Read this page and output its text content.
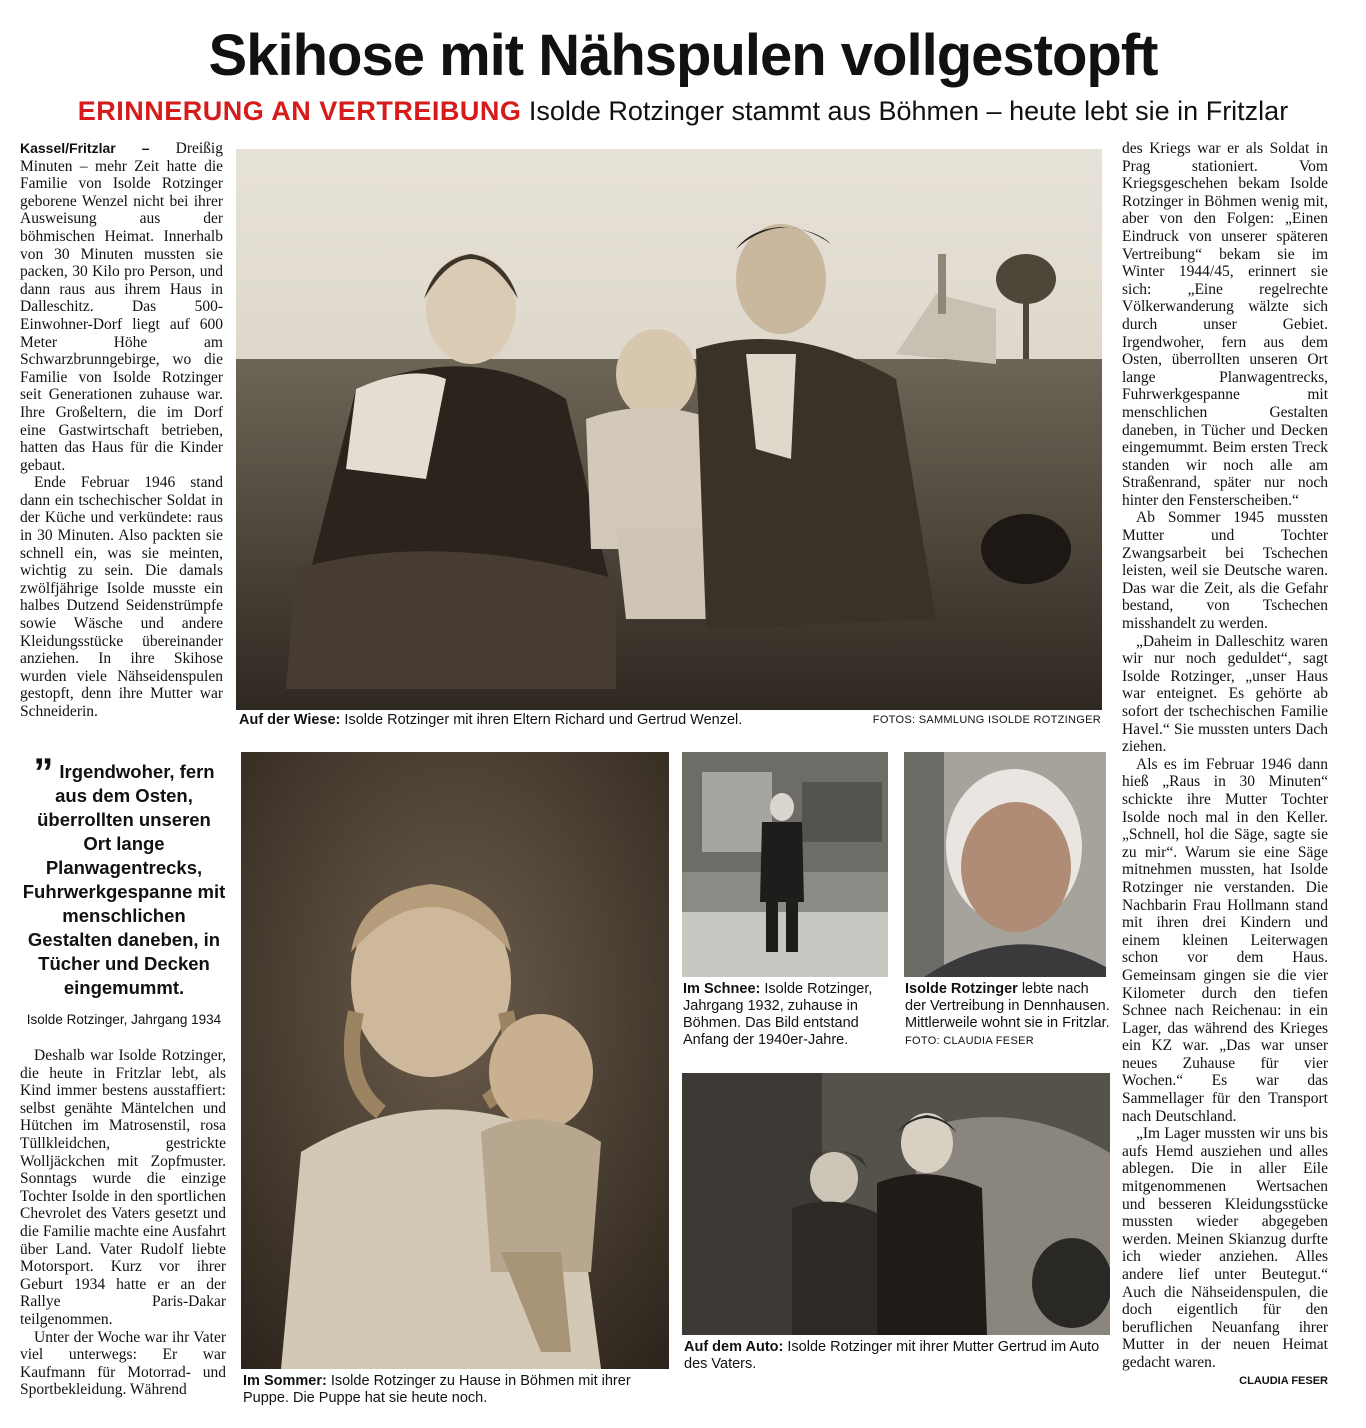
Skihose mit Nähspulen vollgestopft
ERINNERUNG AN VERTREIBUNG Isolde Rotzinger stammt aus Böhmen – heute lebt sie in Fritzlar

Kassel/Fritzlar – Dreißig Minuten – mehr Zeit hatte die Familie von Isolde Rotzinger geborene Wenzel nicht bei ihrer Ausweisung aus der böhmischen Heimat. Innerhalb von 30 Minuten mussten sie packen, 30 Kilo pro Person, und dann raus aus ihrem Haus in Dalleschitz. Das 500-Einwohner-Dorf liegt auf 600 Meter Höhe am Schwarzbrunngebirge, wo die Familie von Isolde Rotzinger seit Generationen zuhause war. Ihre Großeltern, die im Dorf eine Gastwirtschaft betrieben, hatten das Haus für die Kinder gebaut.

Ende Februar 1946 stand dann ein tschechischer Soldat in der Küche und verkündete: raus in 30 Minuten. Also packten sie schnell ein, was sie meinten, wichtig zu sein. Die damals zwölfjährige Isolde musste ein halbes Dutzend Seidenstrümpfe sowie Wäsche und andere Kleidungsstücke übereinander anziehen. In ihre Skihose wurden viele Nähseidenspulen gestopft, denn ihre Mutter war Schneiderin.	Auf der Wiese: Isolde Rotzinger mit ihren Eltern Richard und Gertrud Wenzel.	FOTOS: SAMMLUNG ISOLDE ROTZINGER

des Kriegs war er als Soldat in Prag stationiert. Vom Kriegsgeschehen bekam Isolde Rotzinger in Böhmen wenig mit, aber von den Folgen: „Einen Eindruck von unserer späteren Vertreibung“ bekam sie im Winter 1944/45, erinnert sie sich: „Eine regelrechte Völkerwanderung wälzte sich durch unser Gebiet. Irgendwoher, fern aus dem Osten, überrollten unseren Ort lange Planwagentrecks, Fuhrwerkgespanne mit menschlichen Gestalten daneben, in Tücher und Decken eingemummt. Beim ersten Treck standen wir noch alle am Straßenrand, später nur noch hinter den Fensterscheiben.“

Ab Sommer 1945 mussten Mutter und Tochter Zwangsarbeit bei Tschechen leisten, weil sie Deutsche waren. Das war die Zeit, als die Gefahr bestand, von Tschechen misshandelt zu werden.

„Daheim in Dalleschitz waren wir nur noch geduldet“, sagt Isolde Rotzinger, „unser Haus war enteignet. Es gehörte ab sofort der tschechischen Familie Havel.“ Sie mussten unters Dach ziehen.

Als es im Februar 1946 dann hieß „Raus in 30 Minuten“ schickte ihre Mutter Tochter Isolde noch mal in den Keller. „Schnell, hol die Säge, sagte sie zu mir“. Warum sie eine Säge mitnehmen mussten, hat Isolde Rotzinger nie verstanden. Die Nachbarin Frau Hollmann stand mit ihren drei Kindern und einem kleinen Leiterwagen schon vor dem Haus. Gemeinsam gingen sie die vier Kilometer durch den tiefen Schnee nach Reichenau: in ein Lager, das während des Krieges ein KZ war. „Das war unser neues Zuhause für vier Wochen.“ Es war das Sammellager für den Transport nach Deutschland.

„Im Lager mussten wir uns bis aufs Hemd ausziehen und alles ablegen. Die in aller Eile mitgenommenen Wertsachen und besseren Kleidungsstücke mussten wieder abgegeben werden. Meinen Skianzug durfte ich wieder anziehen. Alles andere lief unter Beutegut.“ Auch die Nähseidenspulen, die doch eigentlich für den beruflichen Neuanfang ihrer Mutter in der neuen Heimat gedacht waren.

CLAUDIA FESER
” Irgendwoher, fern aus dem Osten, überrollten unseren Ort lange Planwagentrecks, Fuhrwerkgespanne mit menschlichen Gestalten daneben, in Tücher und Decken eingemummt.
Isolde Rotzinger, Jahrgang 1934

Deshalb war Isolde Rotzinger, die heute in Fritzlar lebt, als Kind immer bestens ausstaffiert: selbst genähte Mäntelchen und Hütchen im Matrosenstil, rosa Tüllkleidchen, gestrickte Wolljäckchen mit Zopfmuster. Sonntags wurde die einzige Tochter Isolde in den sportlichen Chevrolet des Vaters gesetzt und die Familie machte eine Ausfahrt über Land. Vater Rudolf liebte Motorsport. Kurz vor ihrer Geburt 1934 hatte er an der Rallye Paris-Dakar teilgenommen.

Unter der Woche war ihr Vater viel unterwegs: Er war Kaufmann für Motorrad- und Sportbekleidung. Während

Im Sommer: Isolde Rotzinger zu Hause in Böhmen mit ihrer Puppe. Die Puppe hat sie heute noch.
Im Schnee: Isolde Rotzinger, Jahrgang 1932, zuhause in Böhmen. Das Bild entstand Anfang der 1940er-Jahre.
Isolde Rotzinger lebte nach der Vertreibung in Dennhausen. Mittlerweile wohnt sie in Fritzlar. FOTO: CLAUDIA FESER
Auf dem Auto: Isolde Rotzinger mit ihrer Mutter Gertrud im Auto des Vaters.
